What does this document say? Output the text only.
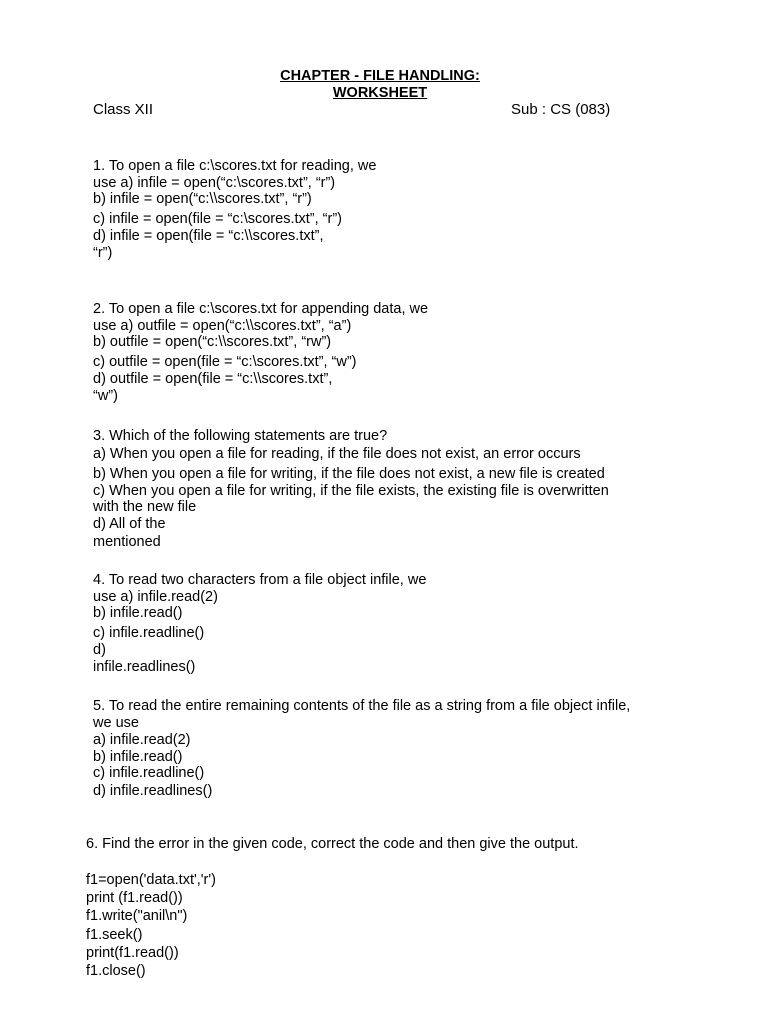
CHAPTER - FILE HANDLING:
WORKSHEET
Class XII	Sub : CS (083)
1. To open a file c:\scores.txt for reading, we
use a) infile = open(“c:\scores.txt”, “r”)
b) infile = open(“c:\\scores.txt”, “r”)
c) infile = open(file = “c:\scores.txt”, “r”)
d) infile = open(file = “c:\\scores.txt”,
“r”)
2. To open a file c:\scores.txt for appending data, we
use a) outfile = open(“c:\\scores.txt”, “a”)
b) outfile = open(“c:\\scores.txt”, “rw”)
c) outfile = open(file = “c:\scores.txt”, “w”)
d) outfile = open(file = “c:\\scores.txt”,
“w”)
3. Which of the following statements are true?
a) When you open a file for reading, if the file does not exist, an error occurs
b) When you open a file for writing, if the file does not exist, a new file is created
c) When you open a file for writing, if the file exists, the existing file is overwritten
with the new file
d) All of the
mentioned
4. To read two characters from a file object infile, we
use a) infile.read(2)
b) infile.read()
c) infile.readline()
d)
infile.readlines()
5. To read the entire remaining contents of the file as a string from a file object infile,
we use
a) infile.read(2)
b) infile.read()
c) infile.readline()
d) infile.readlines()
6. Find the error in the given code, correct the code and then give the output.
f1=open('data.txt','r')
print (f1.read())
f1.write("anil\n")
f1.seek()
print(f1.read())
f1.close()
